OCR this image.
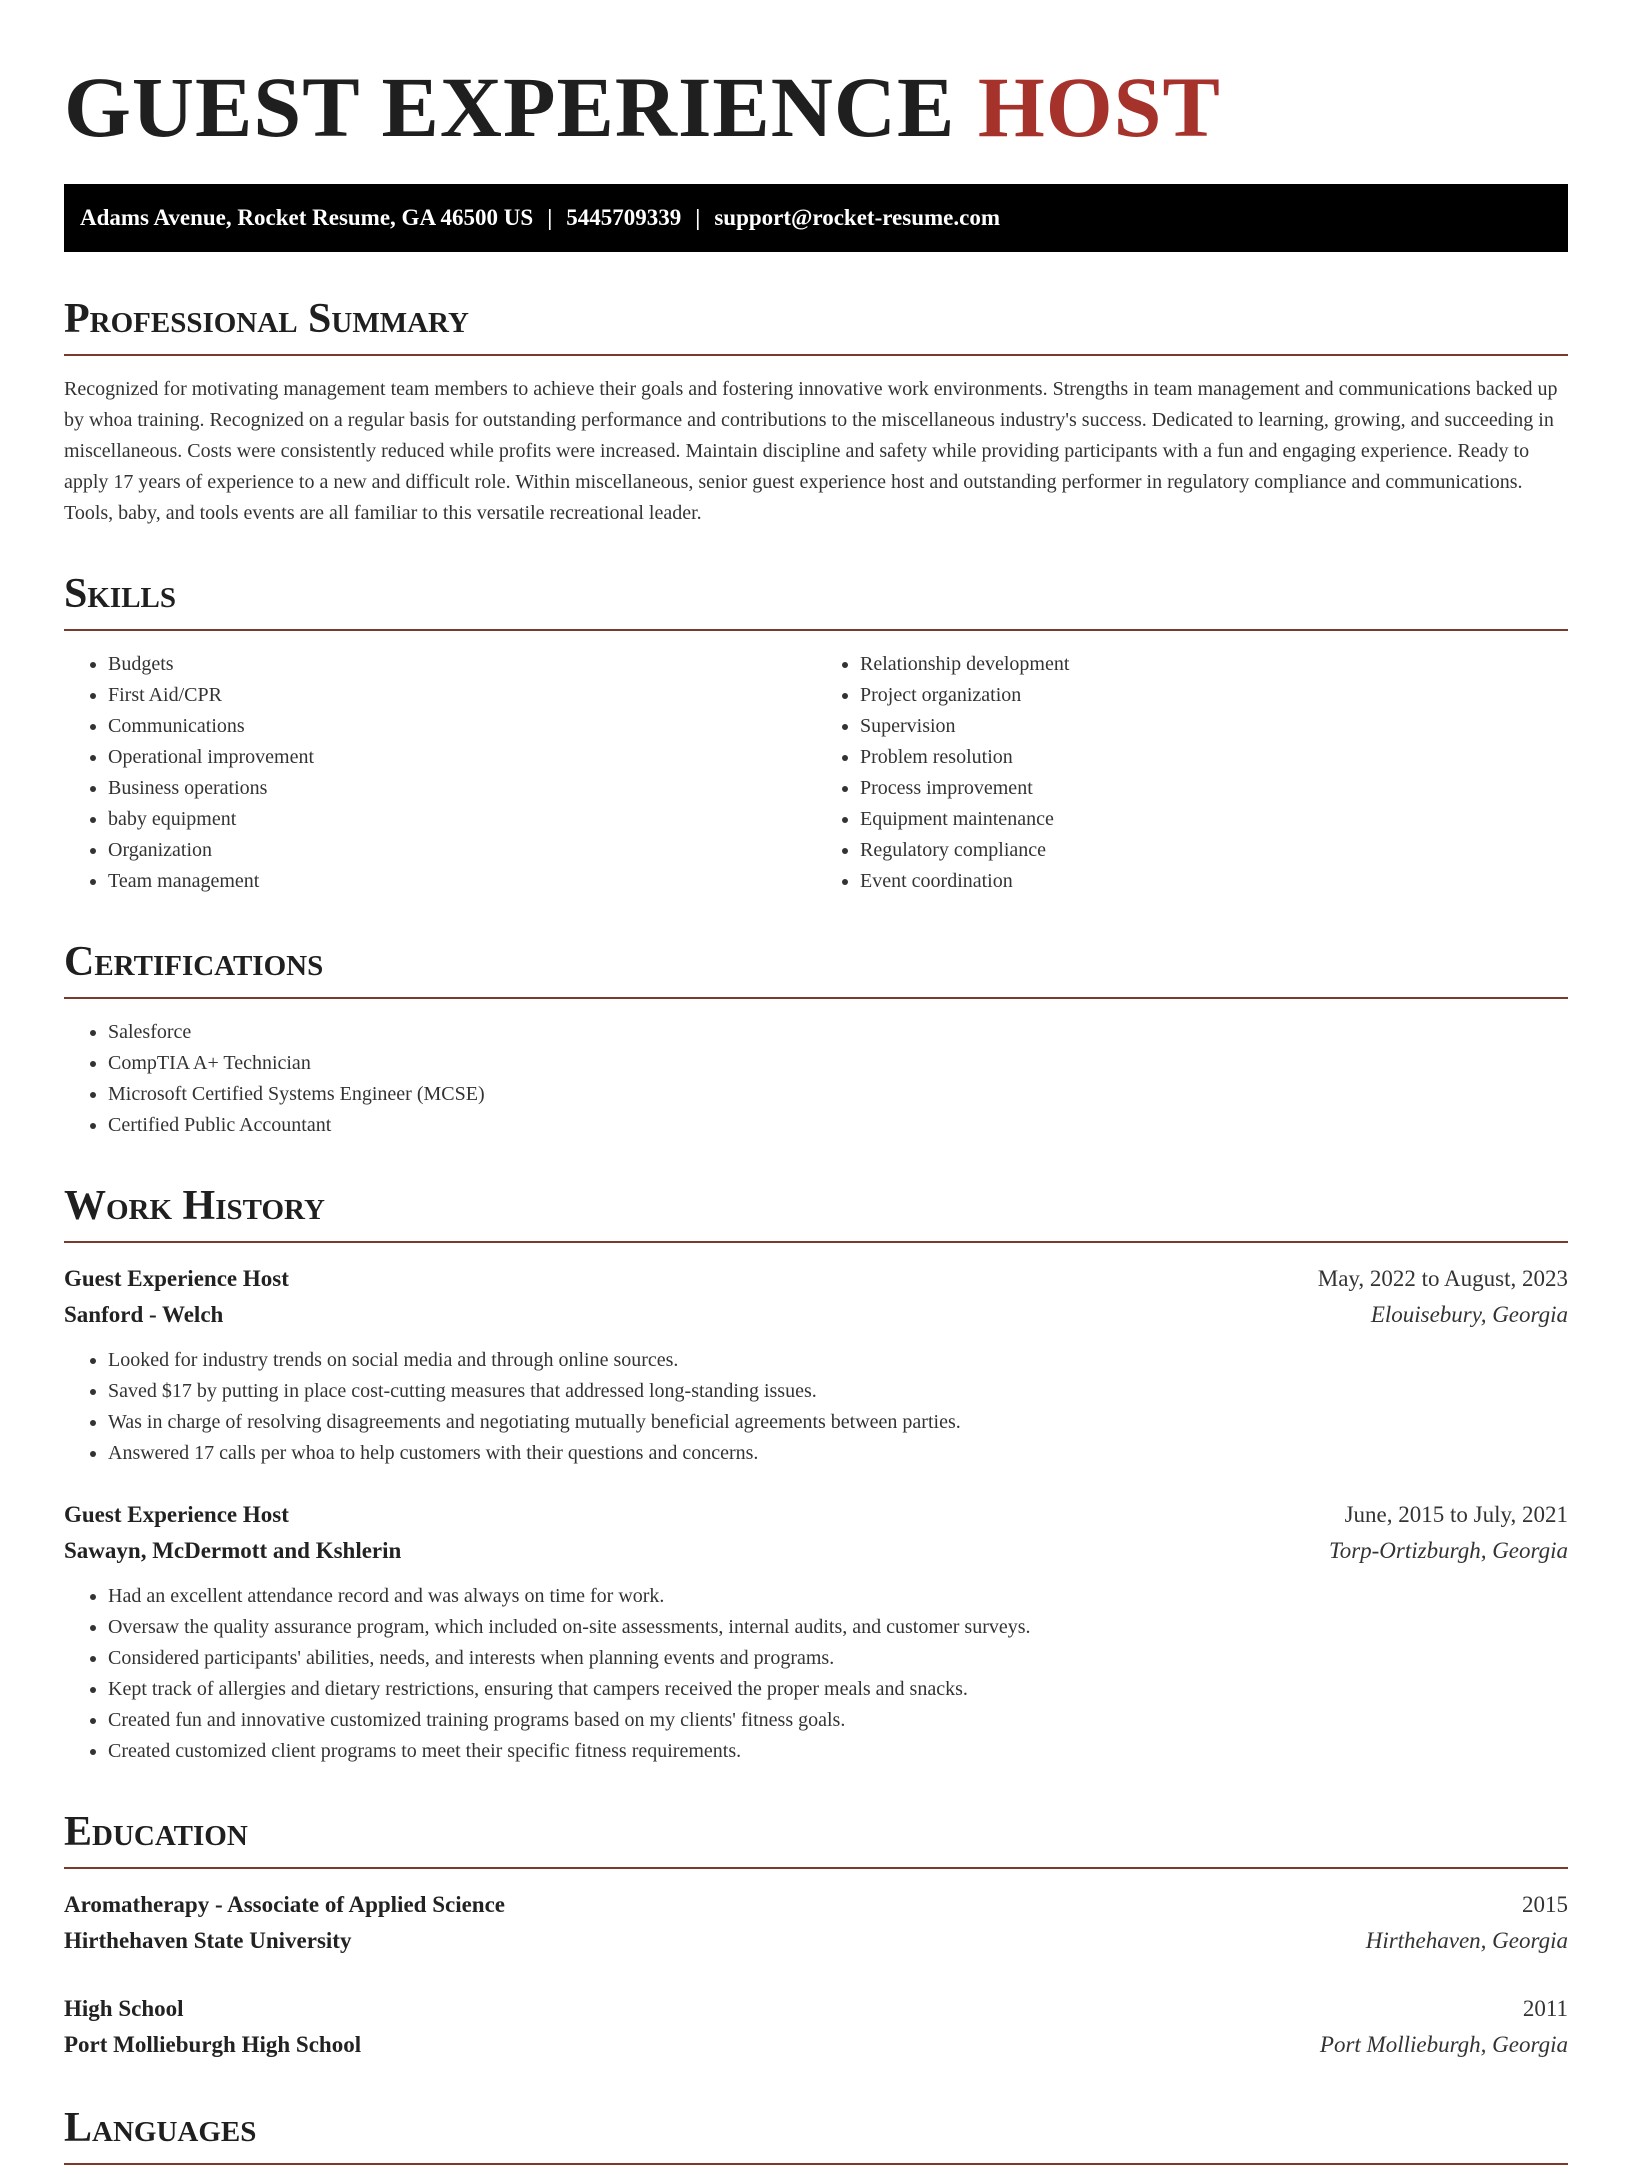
GUEST EXPERIENCE HOST
Adams Avenue, Rocket Resume, GA 46500 US | 5445709339 | support@rocket-resume.com
Professional Summary

Recognized for motivating management team members to achieve their goals and fostering innovative work environments. Strengths in team management and communications backed up by whoa training. Recognized on a regular basis for outstanding performance and contributions to the miscellaneous industry's success. Dedicated to learning, growing, and succeeding in miscellaneous. Costs were consistently reduced while profits were increased. Maintain discipline and safety while providing participants with a fun and engaging experience. Ready to apply 17 years of experience to a new and difficult role. Within miscellaneous, senior guest experience host and outstanding performer in regulatory compliance and communications. Tools, baby, and tools events are all familiar to this versatile recreational leader.

Skills
• Budgets
• First Aid/CPR
• Communications
• Operational improvement
• Business operations
• baby equipment
• Organization
• Team management
• Relationship development
• Project organization
• Supervision
• Problem resolution
• Process improvement
• Equipment maintenance
• Regulatory compliance
• Event coordination
Certifications
• Salesforce
• CompTIA A+ Technician
• Microsoft Certified Systems Engineer (MCSE)
• Certified Public Accountant
Work History
Guest Experience Host	May, 2022 to August, 2023
Sanford - Welch	Elouisebury, Georgia
• Looked for industry trends on social media and through online sources.
• Saved $17 by putting in place cost-cutting measures that addressed long-standing issues.
• Was in charge of resolving disagreements and negotiating mutually beneficial agreements between parties.
• Answered 17 calls per whoa to help customers with their questions and concerns.
Guest Experience Host	June, 2015 to July, 2021
Sawayn, McDermott and Kshlerin	Torp-Ortizburgh, Georgia
• Had an excellent attendance record and was always on time for work.
• Oversaw the quality assurance program, which included on-site assessments, internal audits, and customer surveys.
• Considered participants' abilities, needs, and interests when planning events and programs.
• Kept track of allergies and dietary restrictions, ensuring that campers received the proper meals and snacks.
• Created fun and innovative customized training programs based on my clients' fitness goals.
• Created customized client programs to meet their specific fitness requirements.
Education
Aromatherapy - Associate of Applied Science	2015
Hirthehaven State University	Hirthehaven, Georgia
High School	2011
Port Mollieburgh High School	Port Mollieburgh, Georgia
Languages
